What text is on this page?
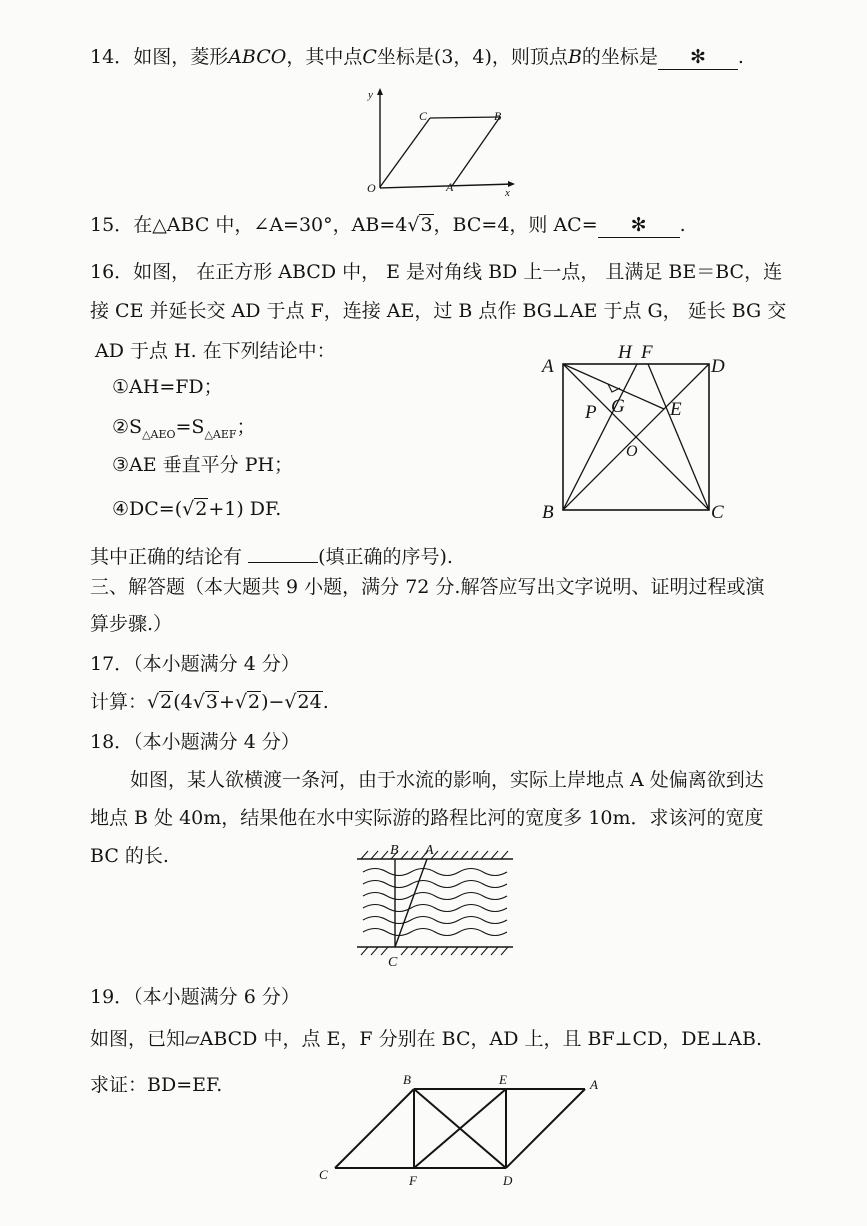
14．如图，菱形ABCO，其中点C坐标是(3，4)，则顶点B的坐标是 ✻ .
y
x
O	A
C	B
15．在△ABC 中，∠A=30°，AB=4√3，BC=4，则 AC= ✻ .
16．如图， 在正方形 ABCD 中， E 是对角线 BD 上一点， 且满足 BE＝BC，连
接 CE 并延长交 AD 于点 F，连接 AE，过 B 点作 BG⊥AE 于点 G， 延长 BG 交
AD 于点 H. 在下列结论中：
①AH=FD；
$②S_{\triangle AEO}=S_{\triangle AEF}$；
③AE 垂直平分 PH；
④DC=(√2+1) DF.
其中正确的结论有	(填正确的序号).
A
H F
D
P G E
O
B	C
三、解答题（本大题共 9 小题，满分 72 分.解答应写出文字说明、证明过程或演
算步骤.）
17．（本小题满分 4 分）
计算：√2(4√3+√2)−√24.
18．（本小题满分 4 分）
如图，某人欲横渡一条河，由于水流的影响，实际上岸地点 A 处偏离欲到达
地点 B 处 40m，结果他在水中实际游的路程比河的宽度多 10m．求该河的宽度
BC 的长.	B A
C
19．（本小题满分 6 分）
如图，已知▱ABCD 中，点 E，F 分别在 BC，AD 上，且 BF⊥CD，DE⊥AB.
求证：BD=EF.	B	E	A
C	F	D
